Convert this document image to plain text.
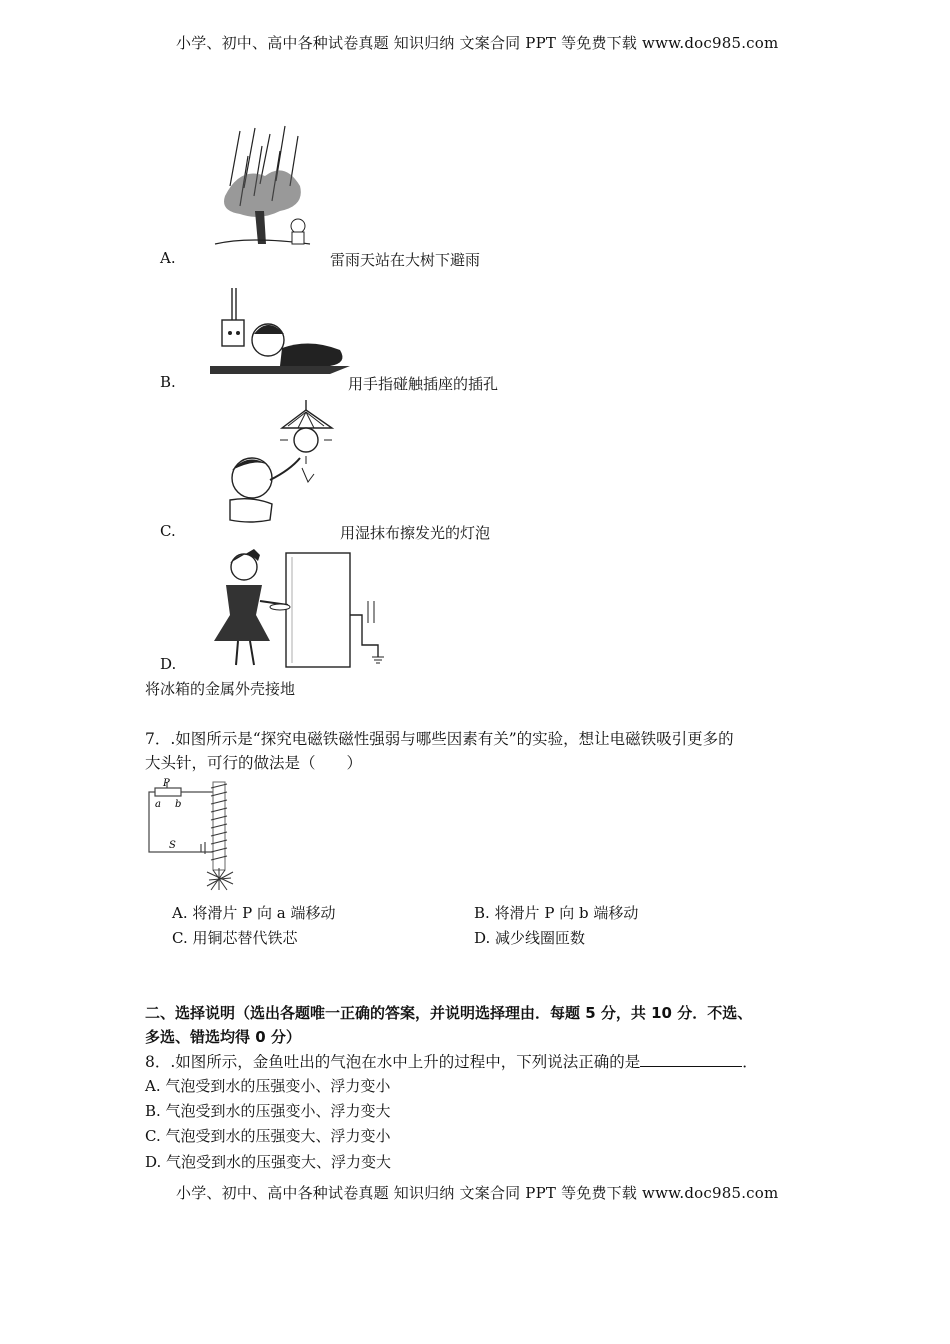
小学、初中、高中各种试卷真题 知识归纳 文案合同 PPT 等免费下载 www.doc985.com
A.	雷雨天站在大树下避雨
B.	用手指碰触插座的插孔
C.	用湿抹布擦发光的灯泡
D.
将冰箱的金属外壳接地
7．.如图所示是“探究电磁铁磁性强弱与哪些因素有关”的实验，想让电磁铁吸引更多的
大头针，可行的做法是（　　）
P
a b
S
A. 将滑片 P 向 a 端移动	B. 将滑片 P 向 b 端移动
C. 用铜芯替代铁芯	D. 减少线圈匝数
二、选择说明（选出各题唯一正确的答案，并说明选择理由．每题 5 分，共 10 分．不选、
多选、错选均得 0 分）
8．.如图所示，金鱼吐出的气泡在水中上升的过程中，下列说法正确的是	．
A. 气泡受到水的压强变小、浮力变小
B. 气泡受到水的压强变小、浮力变大
C. 气泡受到水的压强变大、浮力变小
D. 气泡受到水的压强变大、浮力变大
小学、初中、高中各种试卷真题 知识归纳 文案合同 PPT 等免费下载 www.doc985.com
